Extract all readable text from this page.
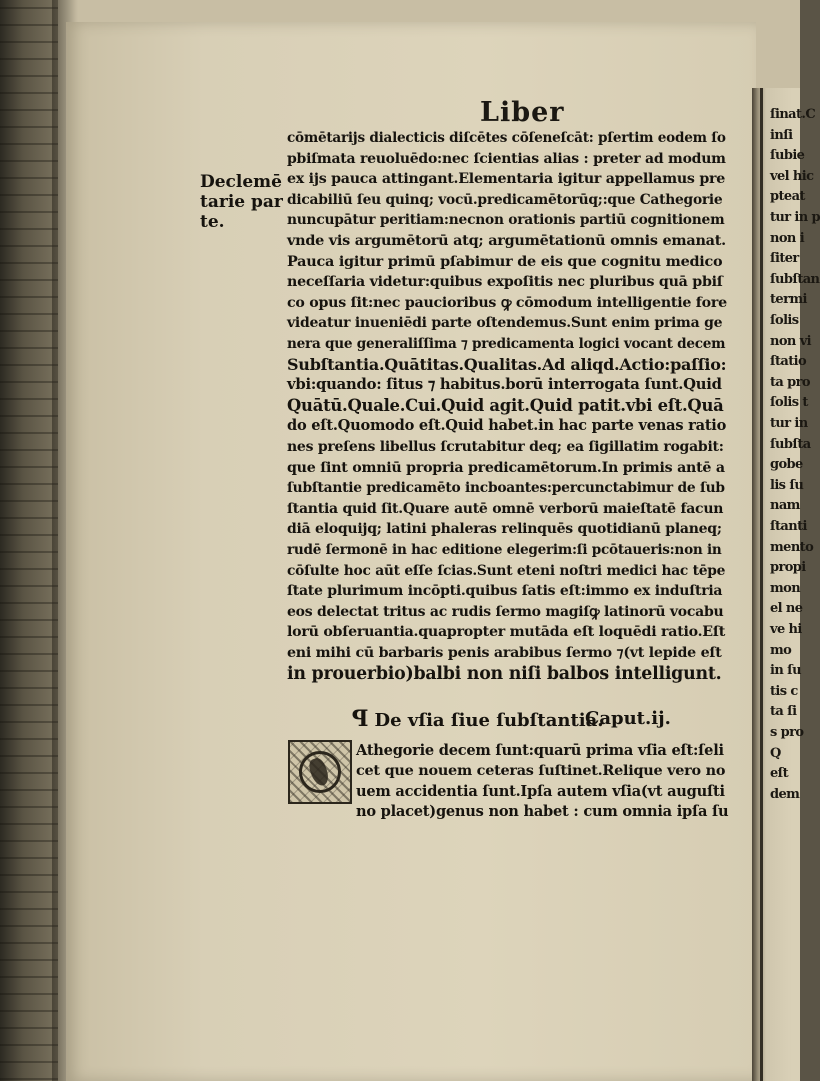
Liber
cōmētarijs dialecticis diſcētes cōſeneſcāt: pſertim eodem ſo
pbiſmata reuoluēdo:nec ſcientias alias : preter ad modum
ex ijs pauca attingant.Elementaria igitur appellamus pre
dicabiliū ſeu quinq; vocū.predicamētorūq;:que Cathegorie
nuncupātur peritiam:necnon orationis partiū cognitionem
vnde vis argumētorū atq; argumētationū omnis emanat.
Pauca igitur primū pſabimur de eis que cognitu medico
neceſſaria videtur:quibus expoſitis nec pluribus quā pbiſ
co opus ſit:nec paucioribus ꝙ cōmodum intelligentie fore
videatur inueniēdi parte oſtendemus.Sunt enim prima ge
nera que generaliſſima ⁊ predicamenta logici vocant decem
Subſtantia.Quātitas.Qualitas.Ad aliqd.Actio:paſſio:
vbi:quando: ſitus ⁊ habitus.borū interrogata ſunt.Quid
Quātū.Quale.Cui.Quid agit.Quid patit.vbi eſt.Quā
do eſt.Quomodo eſt.Quid habet.in hac parte venas ratio
nes preſens libellus ſcrutabitur deq; ea ſigillatim rogabit:
que ſint omniū propria predicamētorum.In primis antē a
ſubſtantie predicamēto incboantes:percunctabimur de ſub
ſtantia quid ſit.Quare autē omnē verborū maieſtatē facun
diā eloquijq; latini phaleras relinquēs quotidianū planeq;
rudē ſermonē in hac editione elegerim:ſi pcōtaueris:non in
cōſulte hoc aūt eſſe ſcias.Sunt eteni noſtri medici hac tēpe
ſtate plurimum incōpti.quibus ſatis eſt:immo ex induſtria
eos delectat tritus ac rudis ſermo magiſꝙ latinorū vocabu
lorū obſeruantia.quapropter mutāda eſt loquēdi ratio.Eſt
eni mihi cū barbaris penis arabibus ſermo ⁊(vt lepide eſt
in prouerbio)balbi non niſi balbos intelligunt.
Declemē
tarie par
te.
P De vſia ſiue ſubſtantia.
Caput.ij.
Athegorie decem ſunt:quarū prima vſia eſt:ſeli
cet que nouem ceteras ſuſtinet.Relique vero no
uem accidentia ſunt.Ipſa autem vſia(vt auguſti
no placet)genus non habet : cum omnia ipſa ſu
ſinat.C
inſi
ſubie
vel hic
pteat
tur in p
non i
ſiter
ſubſtan
termi
ſolis
non vi
ſtatio
ta pro
ſolis t
tur in
ſubſta
gobe
lis ſu
nam
ſtanti
mento
propi
mon
el ne
ve hi
mo
in ſu
tis c
ta ſi
s pro
Q
eſt
dem
